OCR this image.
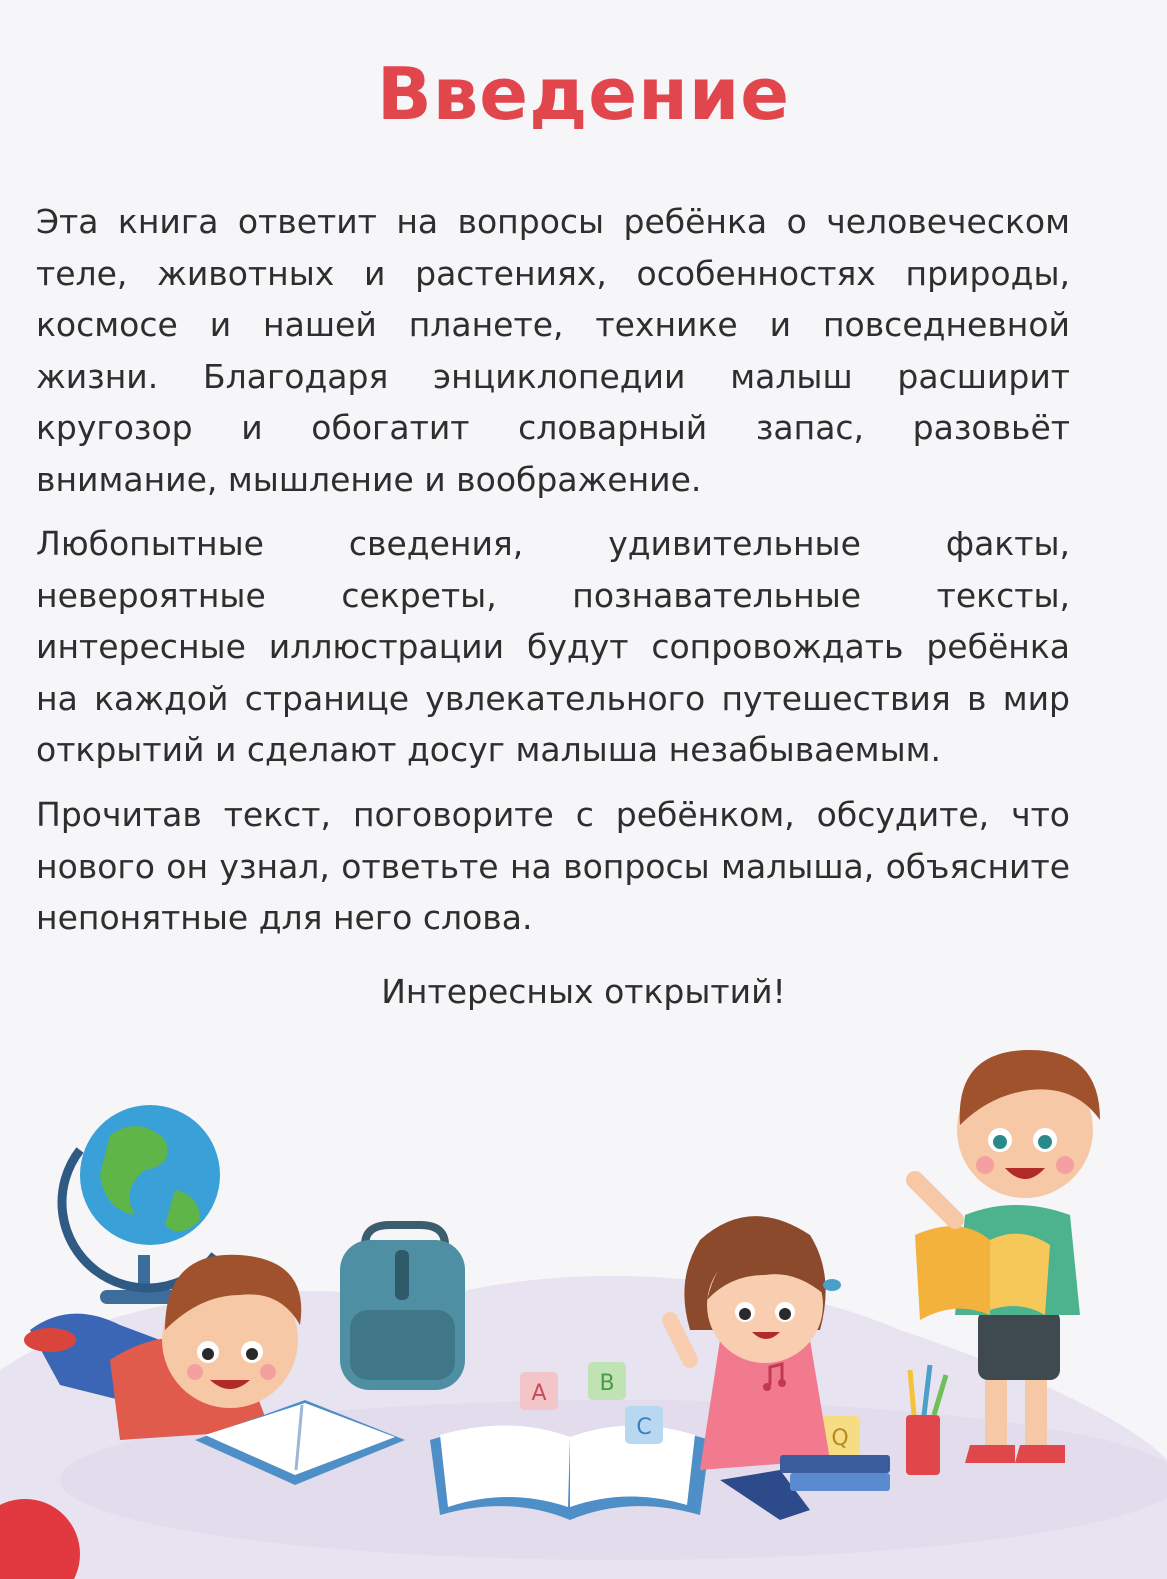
Введение
Эта книга ответит на вопросы ребёнка о человеческом теле, животных и растениях, особенностях природы, космосе и нашей планете, технике и повседневной жизни. Благодаря энциклопедии малыш расширит кругозор и обогатит словарный запас, разовьёт внимание, мышление и воображение.
Любопытные сведения, удивительные факты, невероятные секреты, познавательные тексты, интересные иллюстрации будут сопровождать ребёнка на каждой странице увлекательного путешествия в мир открытий и сделают досуг малыша незабываемым.
Прочитав текст, поговорите с ребёнком, обсудите, что нового он узнал, ответьте на вопросы малыша, объясните непонятные для него слова.
Интересных открытий!
A B
C	Q
